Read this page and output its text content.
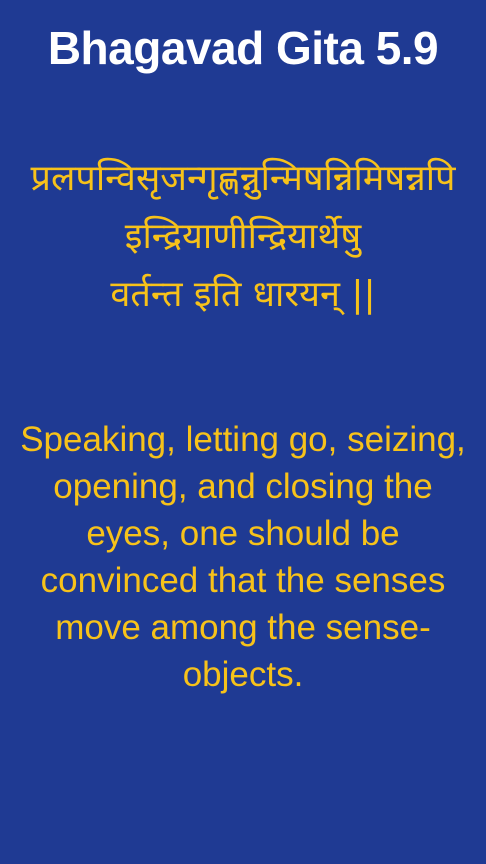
Bhagavad Gita 5.9
प्रलपन्विसृजन्गृह्णन्नुन्मिषन्निमिषन्नपि
इन्द्रियाणीन्द्रियार्थेषु
वर्तन्त इति धारयन् ||
Speaking, letting go, seizing, opening, and closing the eyes, one should be convinced that the senses move among the sense-objects.
